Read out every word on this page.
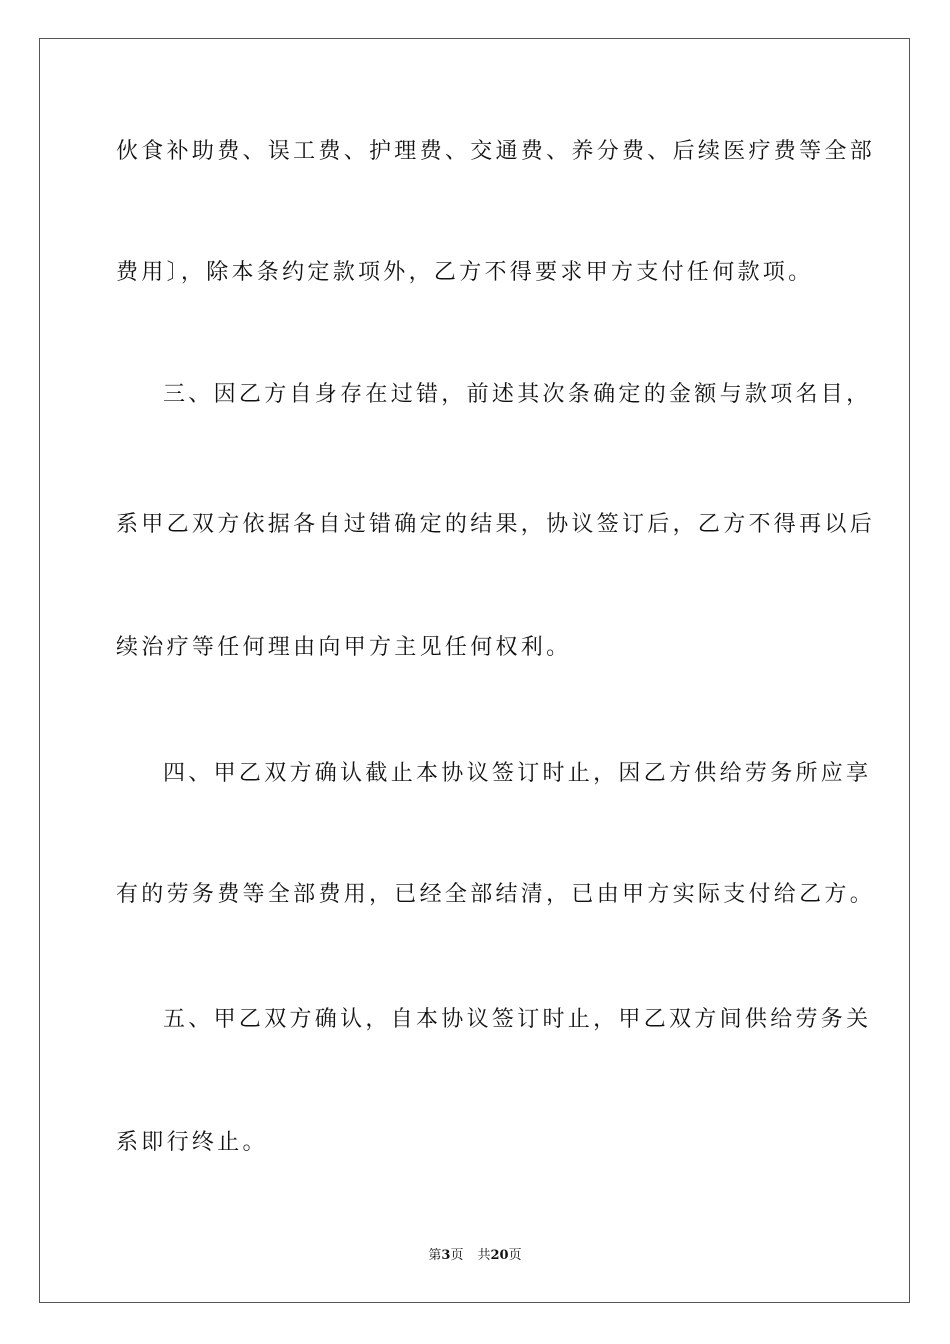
伙食补助费、误工费、护理费、交通费、养分费、后续医疗费等全部
费用〕，除本条约定款项外，乙方不得要求甲方支付任何款项。
三、因乙方自身存在过错，前述其次条确定的金额与款项名目，
系甲乙双方依据各自过错确定的结果，协议签订后，乙方不得再以后
续治疗等任何理由向甲方主见任何权利。
四、甲乙双方确认截止本协议签订时止，因乙方供给劳务所应享
有的劳务费等全部费用，已经全部结清，已由甲方实际支付给乙方。
五、甲乙双方确认，自本协议签订时止，甲乙双方间供给劳务关
系即行终止。
第3页 共20页
